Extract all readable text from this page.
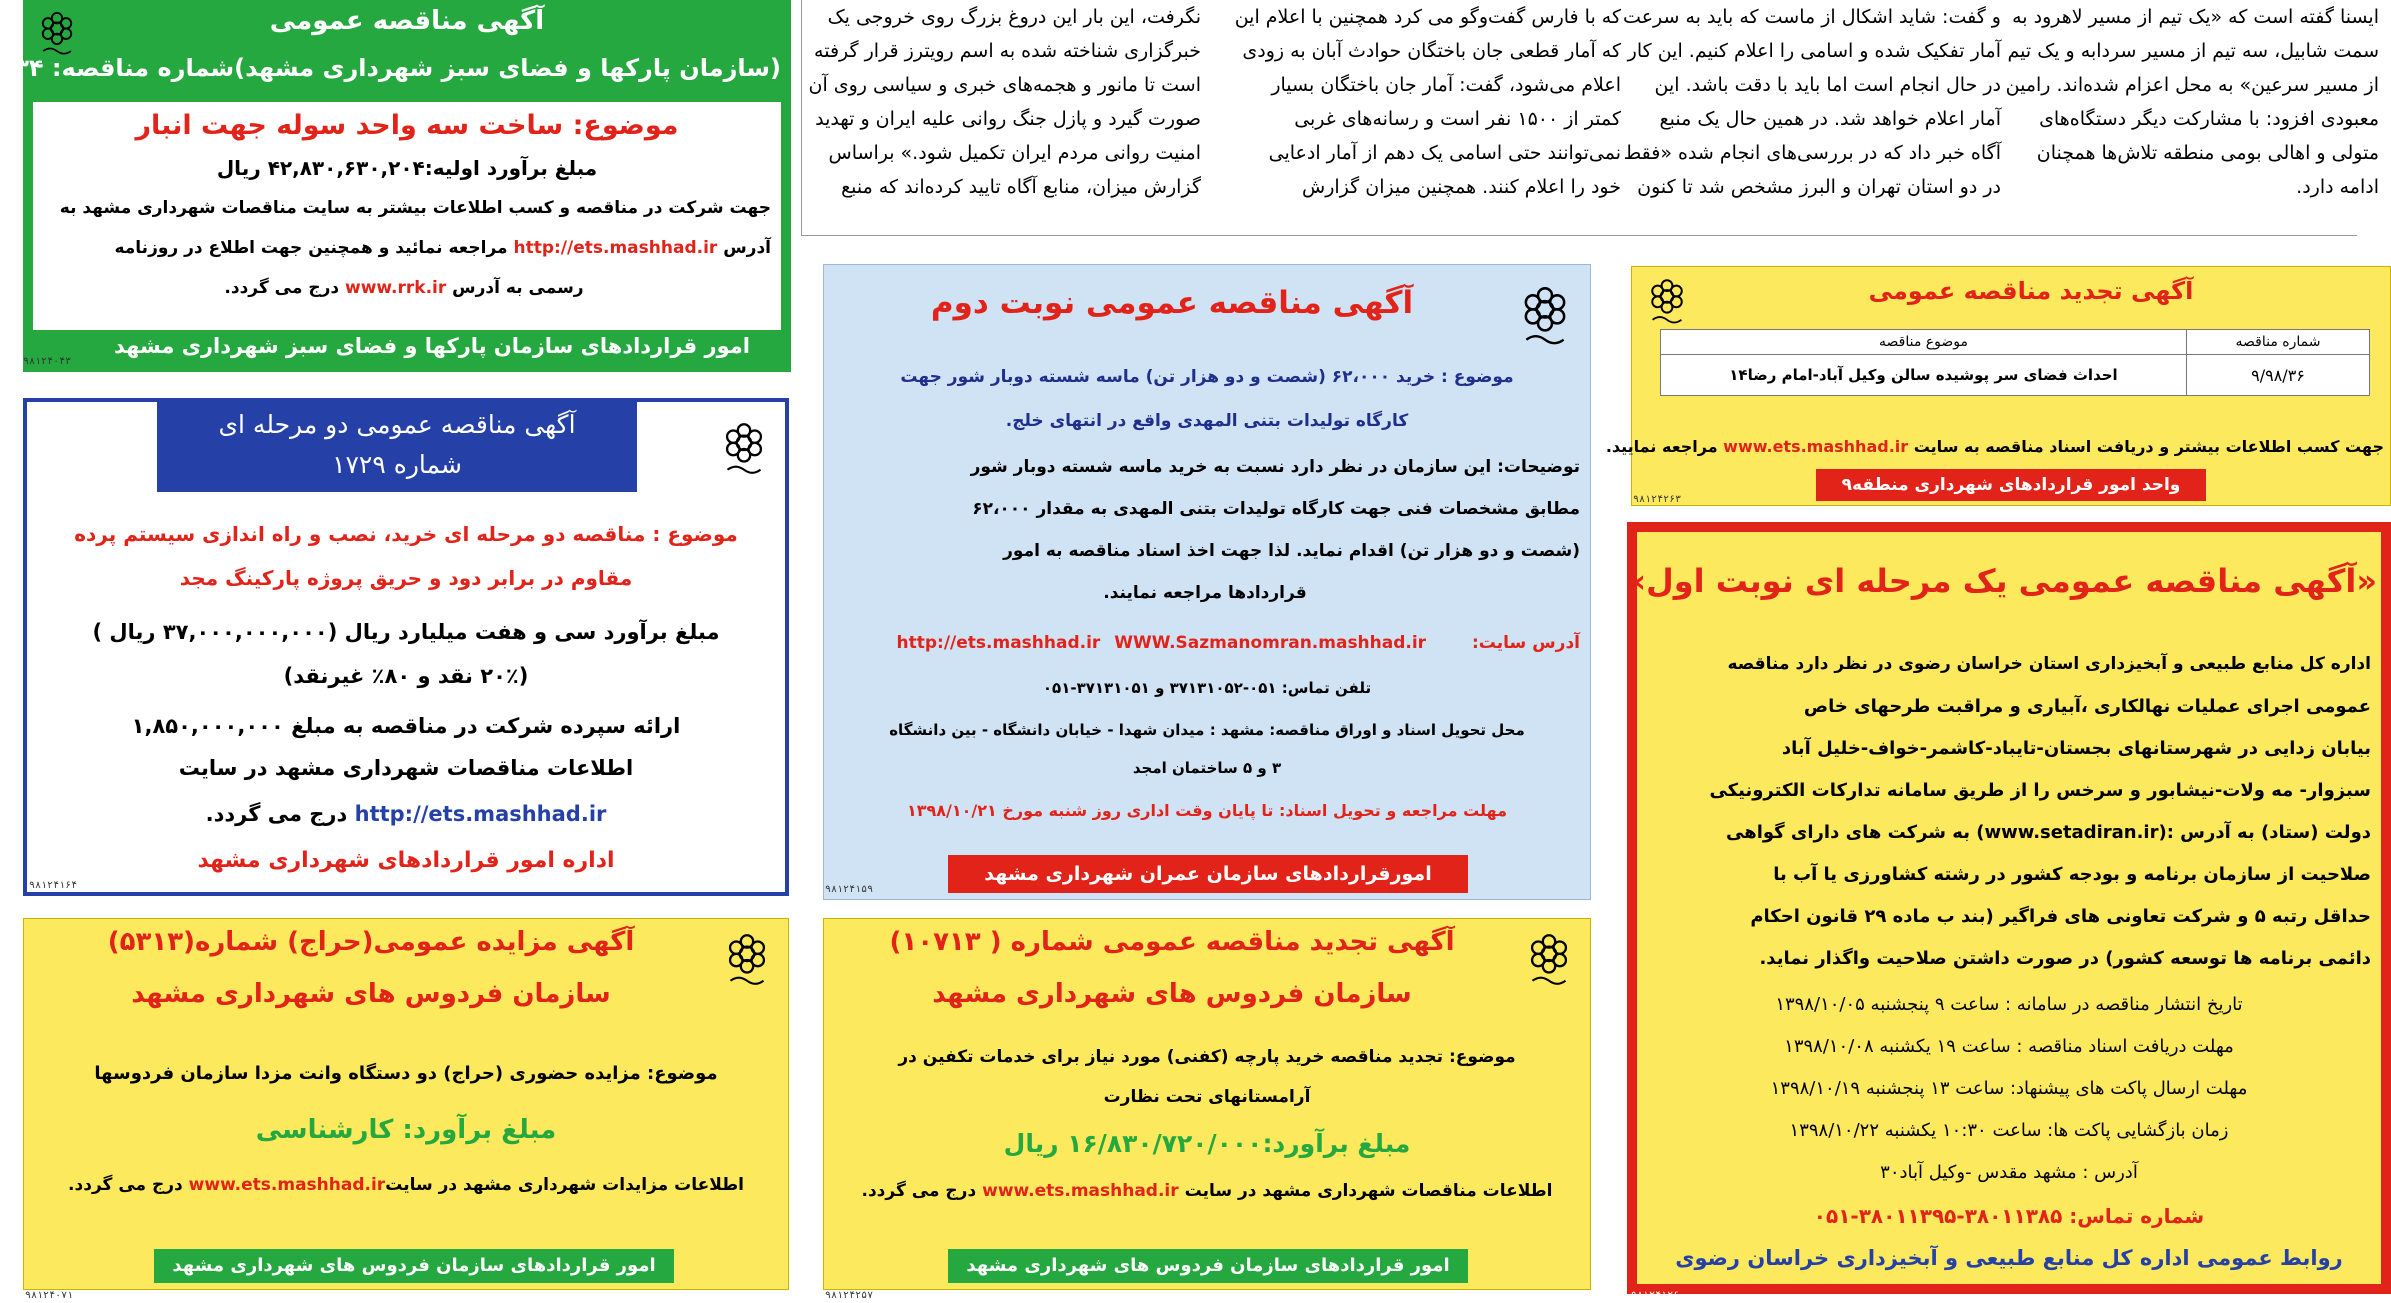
ایسنا گفته است که «یک تیم از مسیر لاهرود به

سمت شابیل، سه تیم از مسیر سردابه و یک تیم

از مسیر سرعین» به محل اعزام شده‌اند. رامین

معبودی افزود: با مشارکت دیگر دستگاه‌های

متولی و اهالی بومی منطقه تلاش‌ها همچنان

ادامه دارد.

و گفت: شاید اشکال از ماست که باید به سرعت

آمار تفکیک شده و اسامی را اعلام کنیم. این کار

در حال انجام است اما باید با دقت باشد. این

آمار اعلام خواهد شد. در همین حال یک منبع

آگاه خبر داد که در بررسی‌های انجام شده «فقط

در دو استان تهران و البرز مشخص شد تا کنون

که با فارس گفت‌وگو می کرد همچنین با اعلام این

که آمار قطعی جان باختگان حوادث آبان به زودی

اعلام می‌شود، گفت: آمار جان باختگان بسیار

کمتر از ۱۵۰۰ نفر است و رسانه‌های غربی

نمی‌توانند حتی اسامی یک دهم از آمار ادعایی

خود را اعلام کنند. همچنین میزان گزارش

نگرفت، این بار این دروغ بزرگ روی خروجی یک

خبرگزاری شناخته شده به اسم رویترز قرار گرفته

است تا مانور و هجمه‌های خبری و سیاسی روی آن

صورت گیرد و پازل جنگ روانی علیه ایران و تهدید

امنیت روانی مردم ایران تکمیل شود.» براساس

گزارش میزان، منابع آگاه تایید کرده‌اند که منبع

آگهی مناقصه عمومی
(سازمان پارکها و فضای سبز شهرداری مشهد)شماره مناقصه: ۱۳۴
موضوع: ساخت سه واحد سوله جهت انبار
مبلغ برآورد اولیه:۴۲,۸۳۰,۶۳۰,۲۰۴ ریال
جهت شرکت در مناقصه و کسب اطلاعات بیشتر به سایت مناقصات شهرداری مشهد به
آدرس http://ets.mashhad.ir مراجعه نمائید و همچنین جهت اطلاع در روزنامه
رسمی به آدرس www.rrk.ir درج می گردد.
امور قراردادهای سازمان پارکها و فضای سبز شهرداری مشهد
۹۸۱۲۴۰۴۳
آگهی مناقصه عمومی دو مرحله ای
شماره ۱۷۲۹
موضوع : مناقصه دو مرحله ای خرید، نصب و راه اندازی سیستم پرده
مقاوم در برابر دود و حریق پروژه پارکینگ مجد
مبلغ برآورد سی و هفت میلیارد ریال (۳۷,۰۰۰,۰۰۰,۰۰۰ ریال )
(۲۰٪ نقد و ۸۰٪ غیرنقد)
ارائه سپرده شرکت در مناقصه به مبلغ ۱,۸۵۰,۰۰۰,۰۰۰
اطلاعات مناقصات شهرداری مشهد در سایت
http://ets.mashhad.ir درج می گردد.
اداره امور قراردادهای شهرداری مشهد
۹۸۱۲۴۱۶۴
آگهی مزایده عمومی(حراج) شماره(۵۳۱۳)
سازمان فردوس های شهرداری مشهد
موضوع: مزایده حضوری (حراج) دو دستگاه وانت مزدا سازمان فردوسها
مبلغ برآورد: کارشناسی
اطلاعات مزایدات شهرداری مشهد در سایتwww.ets.mashhad.ir درج می گردد.
امور قراردادهای سازمان فردوس های شهرداری مشهد
۹۸۱۲۴۰۷۱
آگهی مناقصه عمومی نوبت دوم
موضوع : خرید ۶۲،۰۰۰ (شصت و دو هزار تن) ماسه شسته دوبار شور جهت
کارگاه تولیدات بتنی المهدی واقع در انتهای خلج.
توضیحات: این سازمان در نظر دارد نسبت به خرید ماسه شسته دوبار شور
مطابق مشخصات فنی جهت کارگاه تولیدات بتنی المهدی به مقدار ۶۲،۰۰۰
(شصت و دو هزار تن) اقدام نماید. لذا جهت اخذ اسناد مناقصه به امور
قراردادها مراجعه نمایند.
آدرس سایت: http://ets.mashhad.ir WWW.Sazmanomran.mashhad.ir
تلفن تماس: ۰۵۱-۳۷۱۳۱۰۵۲ و ۳۷۱۳۱۰۵۱-۰۵۱
محل تحویل اسناد و اوراق مناقصه: مشهد : میدان شهدا - خیابان دانشگاه - بین دانشگاه
۳ و ۵ ساختمان امجد
مهلت مراجعه و تحویل اسناد: تا پایان وقت اداری روز شنبه مورخ ۱۳۹۸/۱۰/۲۱
امورقراردادهای سازمان عمران شهرداری مشهد
۹۸۱۲۴۱۵۹
آگهی تجدید مناقصه عمومی شماره ( ۱۰۷۱۳)
سازمان فردوس های شهرداری مشهد
موضوع: تجدید مناقصه خرید پارچه (کفنی) مورد نیاز برای خدمات تکفین در
آرامستانهای تحت نظارت
مبلغ برآورد:۱۶/۸۳۰/۷۲۰/۰۰۰ ریال
اطلاعات مناقصات شهرداری مشهد در سایت www.ets.mashhad.ir درج می گردد.
امور قراردادهای سازمان فردوس های شهرداری مشهد
۹۸۱۲۴۲۵۷
آگهی تجدید مناقصه عمومی
شماره مناقصه	موضوع مناقصه
۹/۹۸/۳۶	احداث فضای سر پوشیده سالن وکیل آباد-امام رضا۱۴
جهت کسب اطلاعات بیشتر و دریافت اسناد مناقصه به سایت www.ets.mashhad.ir مراجعه نمایید.
واحد امور قراردادهای شهرداری منطقه۹
۹۸۱۲۴۲۶۳
«آگهی مناقصه عمومی یک مرحله ای نوبت اول»
اداره کل منابع طبیعی و آبخیزداری استان خراسان رضوی در نظر دارد مناقصه
عمومی اجرای عملیات نهالکاری ،آبیاری و مراقبت طرحهای خاص
بیابان زدایی در شهرستانهای بجستان-تایباد-کاشمر-خواف-خلیل آباد
سبزوار- مه ولات-نیشابور و سرخس را از طریق سامانه تدارکات الکترونیکی
دولت (ستاد) به آدرس :(www.setadiran.ir) به شرکت های دارای گواهی
صلاحیت از سازمان برنامه و بودجه کشور در رشته کشاورزی یا آب با
حداقل رتبه ۵ و شرکت تعاونی های فراگیر (بند ب ماده ۲۹ قانون احکام
دائمی برنامه ها توسعه کشور) در صورت داشتن صلاحیت واگذار نماید.
تاریخ انتشار مناقصه در سامانه : ساعت ۹ پنجشنبه ۱۳۹۸/۱۰/۰۵
مهلت دریافت اسناد مناقصه : ساعت ۱۹ یکشنبه ۱۳۹۸/۱۰/۰۸
مهلت ارسال پاکت های پیشنهاد: ساعت ۱۳ پنجشنبه ۱۳۹۸/۱۰/۱۹
زمان بازگشایی پاکت ها: ساعت ۱۰:۳۰ یکشنبه ۱۳۹۸/۱۰/۲۲
آدرس : مشهد مقدس -وکیل آباد۳۰
شماره تماس: ۳۸۰۱۱۳۸۵-۳۸۰۱۱۳۹۵-۰۵۱
روابط عمومی اداره کل منابع طبیعی و آبخیزداری خراسان رضوی
۹۸۱۲۴۱۲۶
